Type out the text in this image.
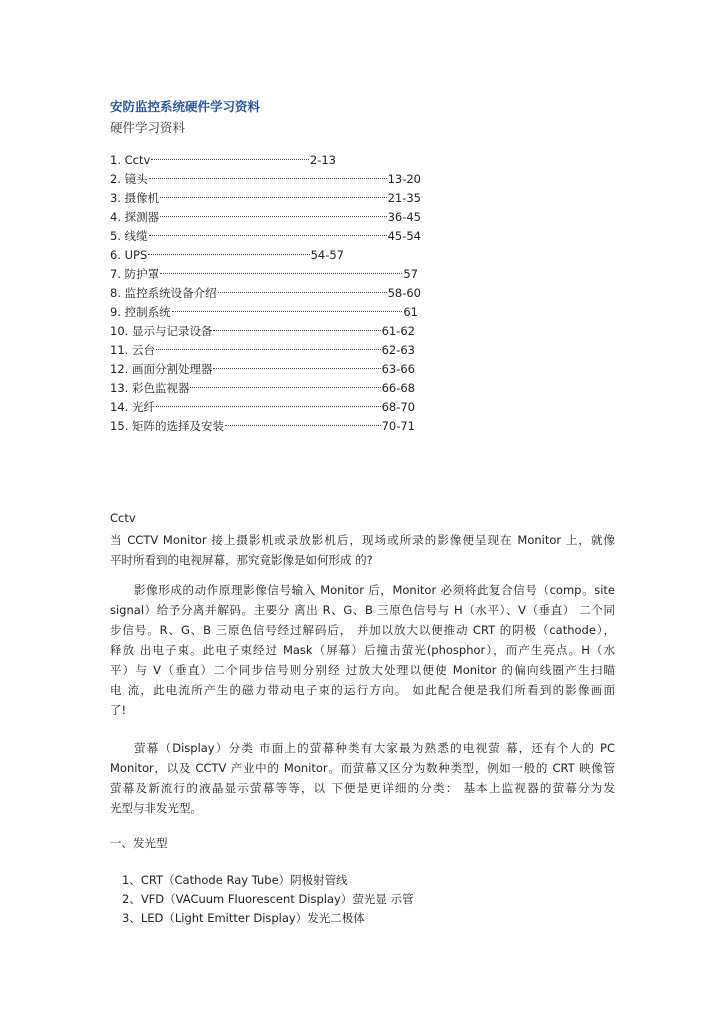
安防监控系统硬件学习资料
硬件学习资料
1. Cctv	2-13
2. 镜头	13-20
3. 摄像机	21-35
4. 探测器	36-45
5. 线缆	45-54
6. UPS	54-57
7. 防护罩	57
8. 监控系统设备介绍	58-60
9. 控制系统	61
10. 显示与记录设备	61-62
11. 云台	62-63
12. 画面分割处理器	63-66
13. 彩色监视器	66-68
14. 光纤	68-70
15. 矩阵的选择及安装	70-71
Cctv
当 CCTV Monitor 接上摄影机或录放影机后，现场或所录的影像便呈现在 Monitor 上，就像
平时所看到的电视屏幕，那究竟影像是如何形成 的?
影像形成的动作原理影像信号输入 Monitor 后，Monitor 必须将此复合信号（comp。site
signal）给予分离并解码。主要分 离出 R、G、B 三原色信号与 H（水平）、V（垂直） 二个同
步信号。R、G、B 三原色信号经过解码后， 并加以放大以便推动 CRT 的阴极（cathode），
释放 出电子束。此电子束经过 Mask（屏幕）后撞击萤光(phosphor），而产生亮点。H（水
平）与 V（垂直）二个同步信号则分别经 过放大处理以便使 Monitor 的偏向线圈产生扫瞄
电 流，此电流所产生的磁力带动电子束的运行方向。 如此配合便是我们所看到的影像画面
了!
萤幕（Display）分类 市面上的萤幕种类有大家最为熟悉的电视萤 幕，还有个人的 PC
Monitor，以及 CCTV 产业中的 Monitor。而萤幕又区分为数种类型，例如一般的 CRT 映像管
萤幕及新流行的液晶显示萤幕等等，以 下便是更详细的分类： 基本上监视器的萤幕分为发
光型与非发光型。
一、发光型
1、CRT（Cathode Ray Tube）阴极射管线
2、VFD（VACuum Fluorescent Display）萤光显 示管
3、LED（Light Emitter Display）发光二极体
